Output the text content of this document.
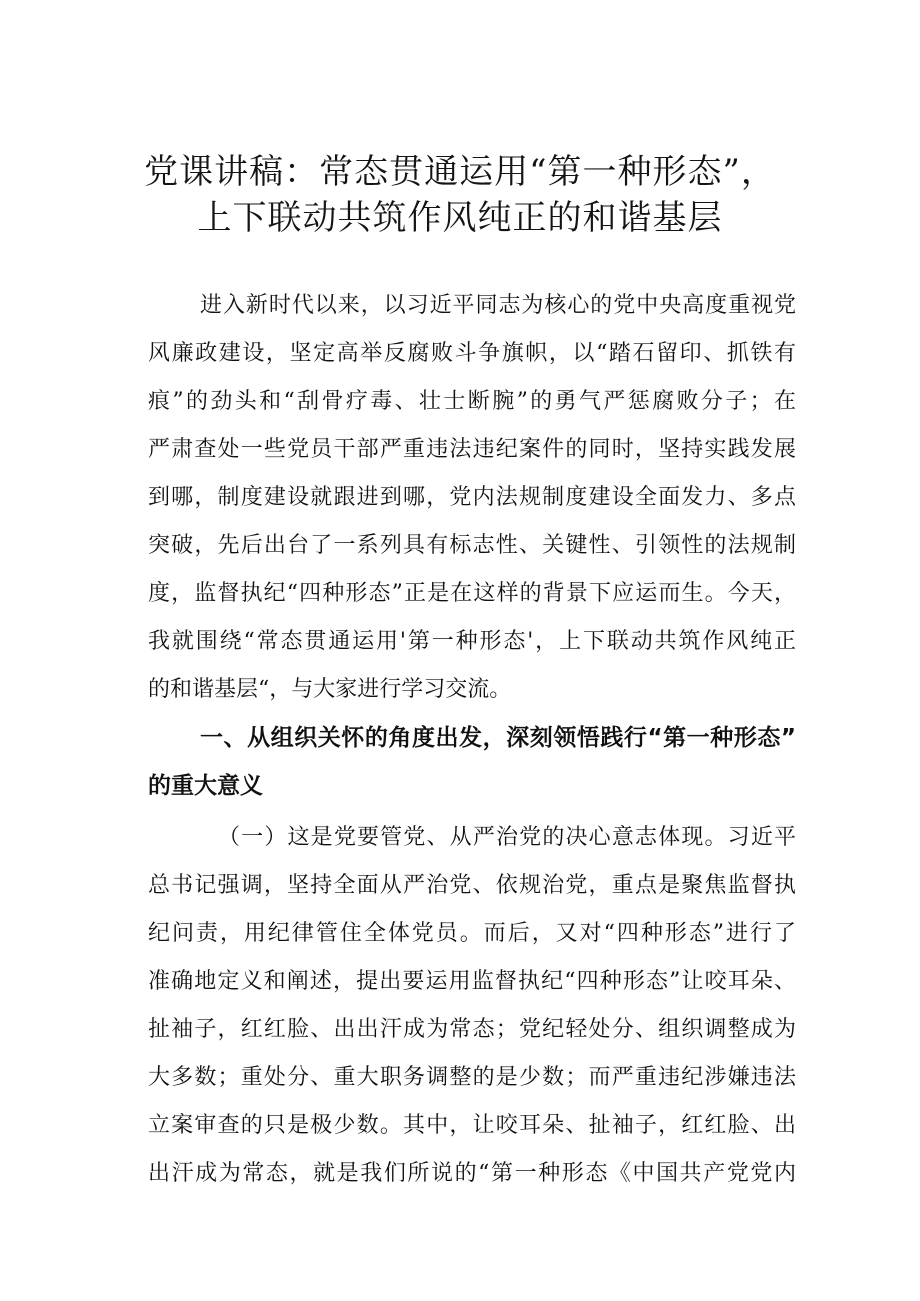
党课讲稿：常态贯通运用“第一种形态”，
上下联动共筑作风纯正的和谐基层
进入新时代以来，以习近平同志为核心的党中央高度重视党
风廉政建设，坚定高举反腐败斗争旗帜，以“踏石留印、抓铁有
痕”的劲头和“刮骨疗毒、壮士断腕”的勇气严惩腐败分子；在
严肃查处一些党员干部严重违法违纪案件的同时，坚持实践发展
到哪，制度建设就跟进到哪，党内法规制度建设全面发力、多点
突破，先后出台了一系列具有标志性、关键性、引领性的法规制
度，监督执纪“四种形态”正是在这样的背景下应运而生。今天，
我就围绕“常态贯通运用'第一种形态'，上下联动共筑作风纯正
的和谐基层“，与大家进行学习交流。
一、从组织关怀的角度出发，深刻领悟践行“第一种形态”
的重大意义
（一）这是党要管党、从严治党的决心意志体现。习近平
总书记强调，坚持全面从严治党、依规治党，重点是聚焦监督执
纪问责，用纪律管住全体党员。而后，又对“四种形态”进行了
准确地定义和阐述，提出要运用监督执纪“四种形态”让咬耳朵、
扯袖子，红红脸、出出汗成为常态；党纪轻处分、组织调整成为
大多数；重处分、重大职务调整的是少数；而严重违纪涉嫌违法
立案审查的只是极少数。其中，让咬耳朵、扯袖子，红红脸、出
出汗成为常态，就是我们所说的“第一种形态《中国共产党党内
